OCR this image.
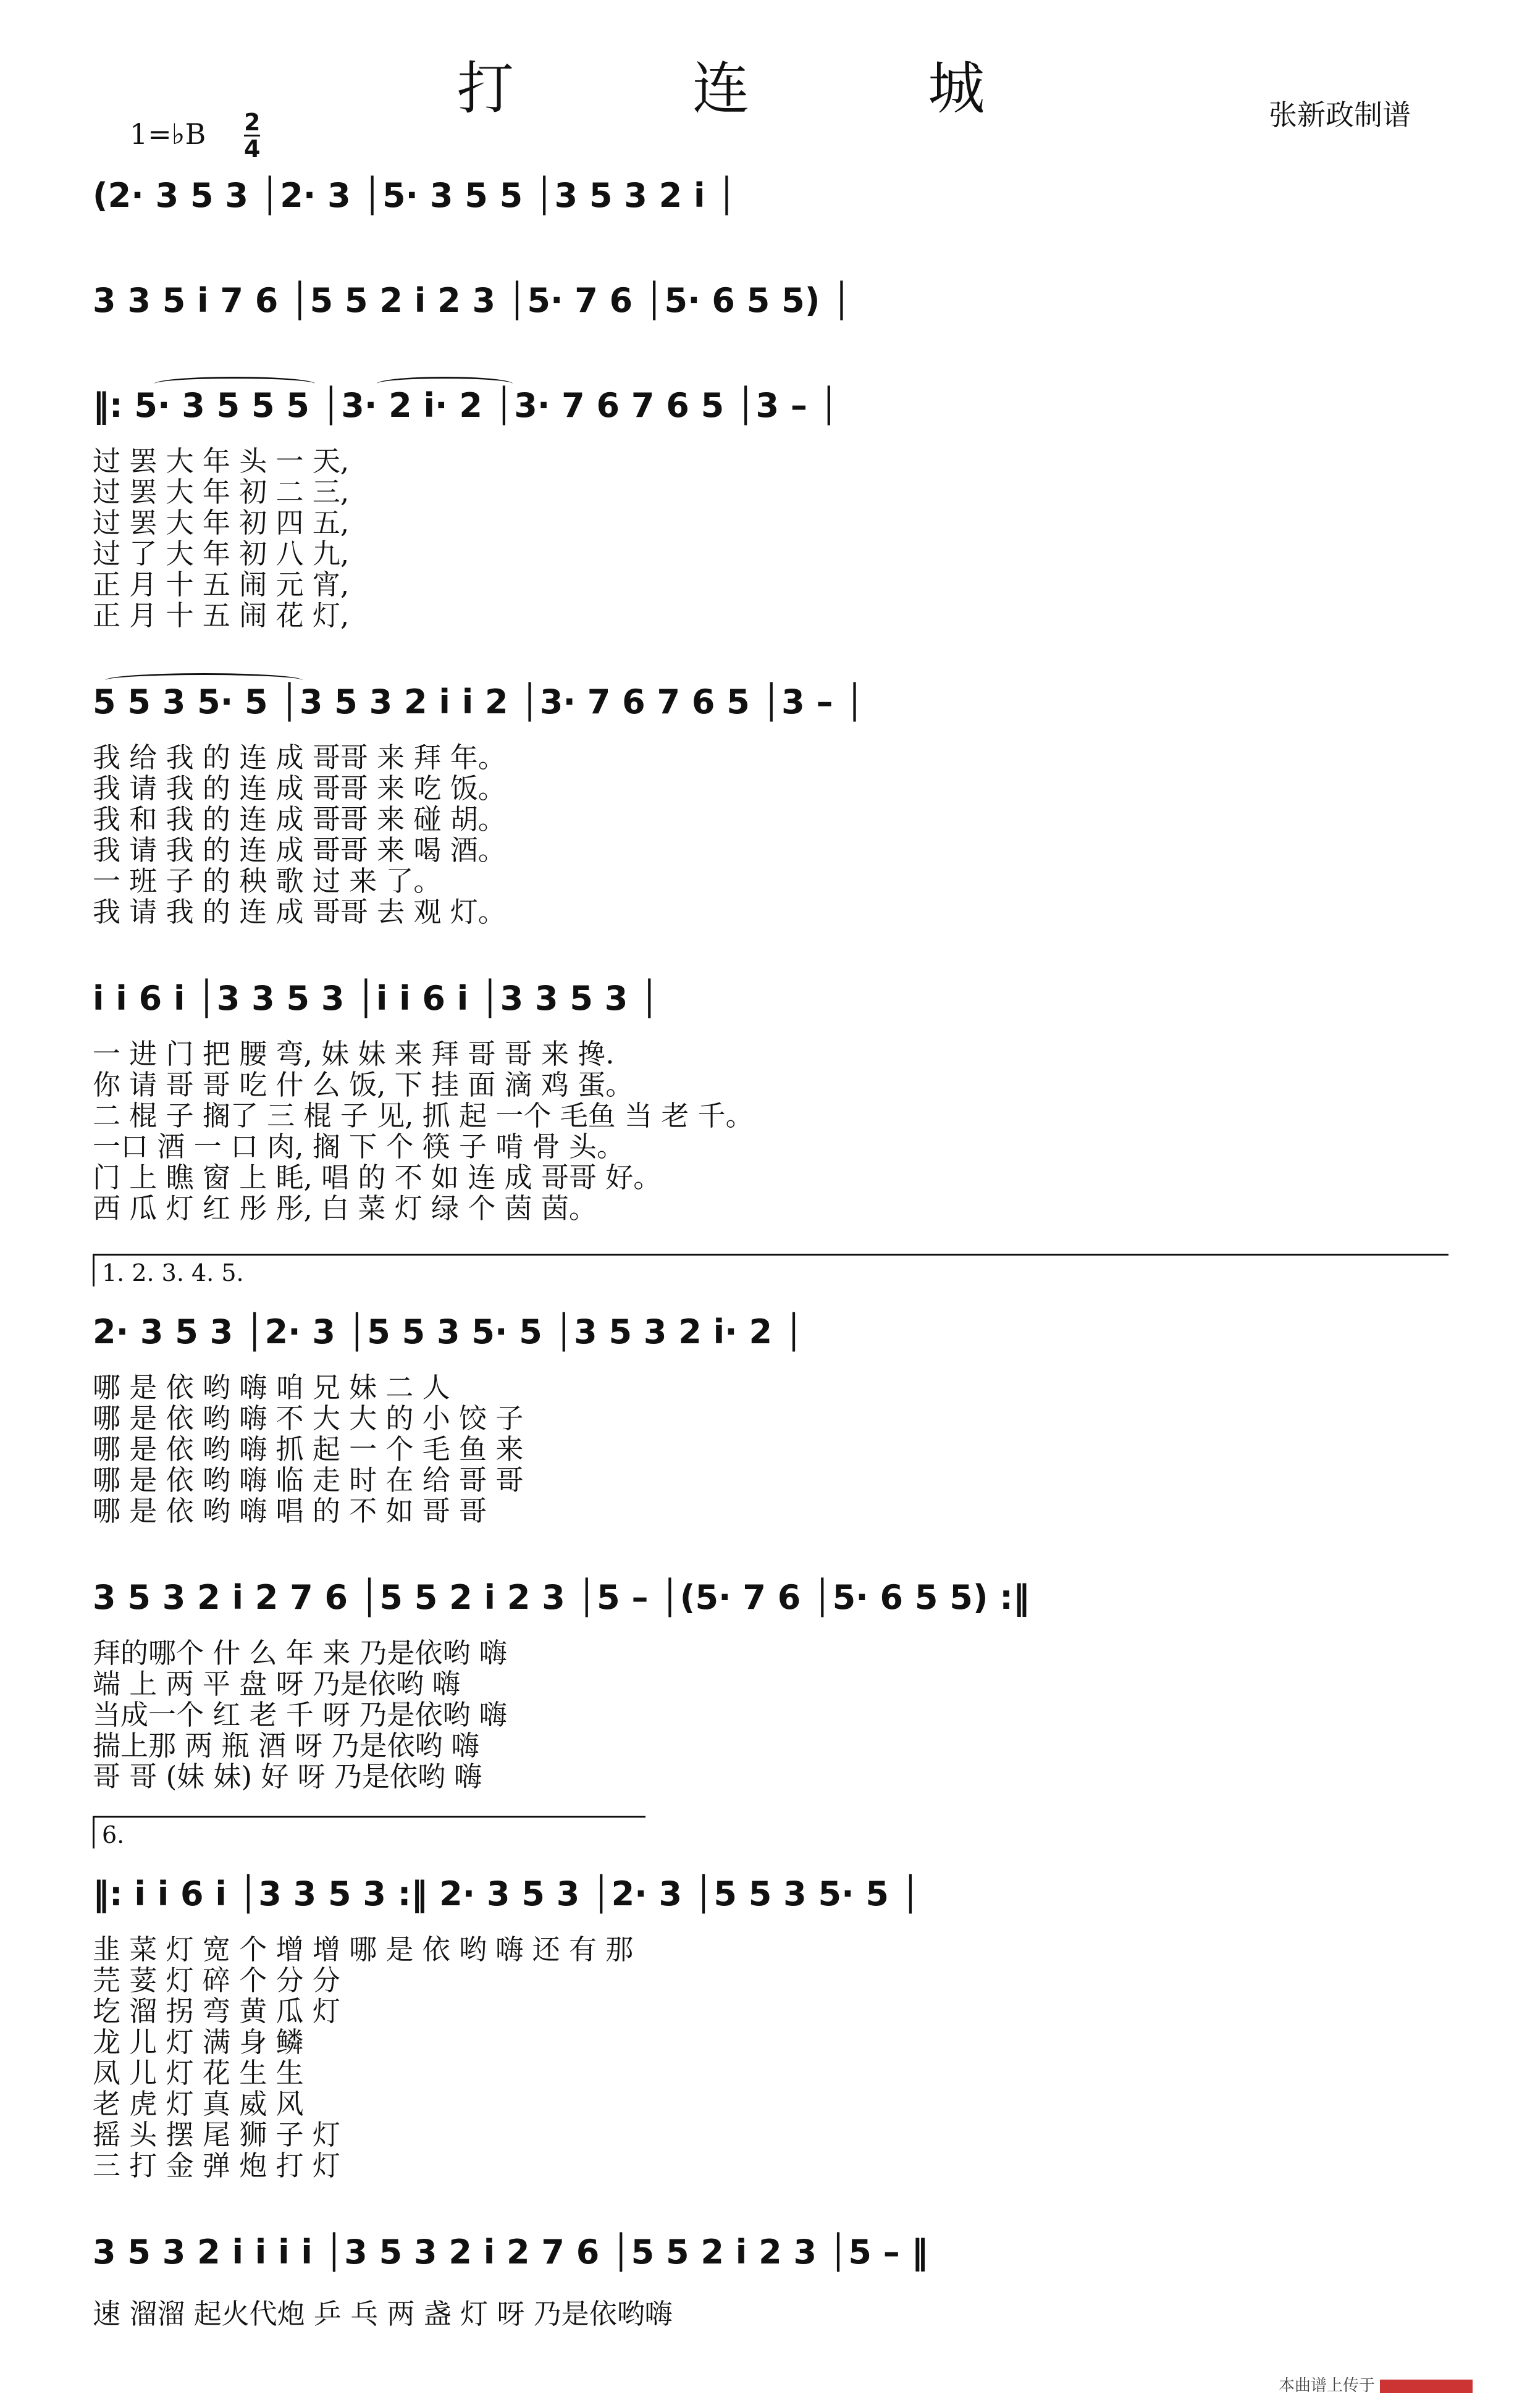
打 连 城	张新政制谱
1=♭B 2
4
(2· 3 5 3 │2· 3 │5· 3 5 5 │3 5 3 2 i │
3 3 5 i 7 6 │5 5 2 i 2 3 │5· 7 6 │5· 6 5 5) │
‖: 5· 3 5 5 5 │3· 2 i· 2 │3· 7 6 7 6 5 │3 – │
过 罢 大 年 头 一 天,
过 罢 大 年 初 二 三,
过 罢 大 年 初 四 五,
过 了 大 年 初 八 九,
正 月 十 五 闹 元 宵,
正 月 十 五 闹 花 灯,
5 5 3 5· 5 │3 5 3 2 i i 2 │3· 7 6 7 6 5 │3 – │
我 给 我 的 连 成 哥哥 来 拜 年。
我 请 我 的 连 成 哥哥 来 吃 饭。
我 和 我 的 连 成 哥哥 来 碰 胡。
我 请 我 的 连 成 哥哥 来 喝 酒。
一 班 子 的 秧 歌 过 来 了。
我 请 我 的 连 成 哥哥 去 观 灯。
i i 6 i │3 3 5 3 │i i 6 i │3 3 5 3 │
一 进 门 把 腰 弯, 妹 妹 来 拜 哥 哥 来 搀.
你 请 哥 哥 吃 什 么 饭, 下 挂 面 滴 鸡 蛋。
二 棍 子 搁了 三 棍 子 见, 抓 起 一个 毛鱼 当 老 千。
一口 酒 一 口 肉, 搁 下 个 筷 子 啃 骨 头。
门 上 瞧 窗 上 眊, 唱 的 不 如 连 成 哥哥 好。
西 瓜 灯 红 彤 彤, 白 菜 灯 绿 个 茵 茵。
1. 2. 3. 4. 5.
2· 3 5 3 │2· 3 │5 5 3 5· 5 │3 5 3 2 i· 2 │
哪 是 依 哟 嗨 咱 兄 妹 二 人
哪 是 依 哟 嗨 不 大 大 的 小 饺 子
哪 是 依 哟 嗨 抓 起 一 个 毛 鱼 来
哪 是 依 哟 嗨 临 走 时 在 给 哥 哥
哪 是 依 哟 嗨 唱 的 不 如 哥 哥
3 5 3 2 i 2 7 6 │5 5 2 i 2 3 │5 – │(5· 7 6 │5· 6 5 5) :‖
拜的哪个 什 么 年 来 乃是依哟 嗨
端 上 两 平 盘 呀 乃是依哟 嗨
当成一个 红 老 千 呀 乃是依哟 嗨
揣上那 两 瓶 酒 呀 乃是依哟 嗨
哥 哥 (妹 妹) 好 呀 乃是依哟 嗨
6.
‖: i i 6 i │3 3 5 3 :‖ 2· 3 5 3 │2· 3 │5 5 3 5· 5 │
韭 菜 灯 宽 个 增 增 哪 是 依 哟 嗨 还 有 那
芫 荽 灯 碎 个 分 分
圪 溜 拐 弯 黄 瓜 灯
龙 儿 灯 满 身 鳞
凤 儿 灯 花 生 生
老 虎 灯 真 威 风
摇 头 摆 尾 狮 子 灯
三 打 金 弹 炮 打 灯
3 5 3 2 i i i i │3 5 3 2 i 2 7 6 │5 5 2 i 2 3 │5 – ‖
速 溜溜 起火代炮 乒 乓 两 盏 灯 呀 乃是依哟嗨
本曲谱上传于
